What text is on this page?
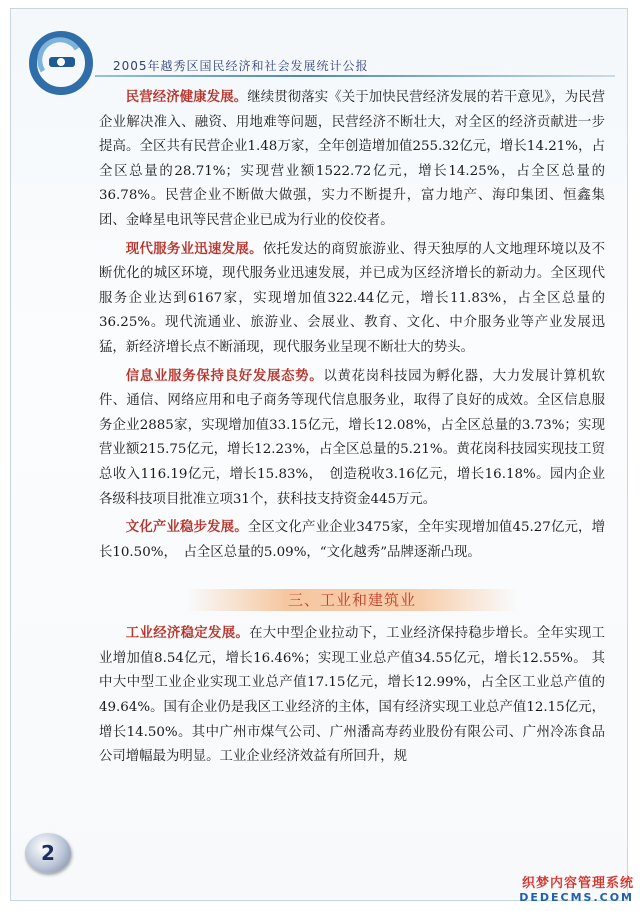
2005年越秀区国民经济和社会发展统计公报

民营经济健康发展。继续贯彻落实《关于加快民营经济发展的若干意见》，为民营企业解决准入、融资、用地难等问题，民营经济不断壮大，对全区的经济贡献进一步提高。全区共有民营企业1.48万家，全年创造增加值255.32亿元，增长14.21%，占全区总量的28.71%；实现营业额1522.72亿元，增长14.25%，占全区总量的36.78%。民营企业不断做大做强，实力不断提升，富力地产、海印集团、恒鑫集团、金峰星电讯等民营企业已成为行业的佼佼者。

现代服务业迅速发展。依托发达的商贸旅游业、得天独厚的人文地理环境以及不断优化的城区环境，现代服务业迅速发展，并已成为区经济增长的新动力。全区现代服务企业达到6167家，实现增加值322.44亿元，增长11.83%，占全区总量的36.25%。现代流通业、旅游业、会展业、教育、文化、中介服务业等产业发展迅猛，新经济增长点不断涌现，现代服务业呈现不断壮大的势头。

信息业服务保持良好发展态势。以黄花岗科技园为孵化器，大力发展计算机软件、通信、网络应用和电子商务等现代信息服务业，取得了良好的成效。全区信息服务企业2885家，实现增加值33.15亿元，增长12.08%，占全区总量的3.73%；实现营业额215.75亿元，增长12.23%，占全区总量的5.21%。黄花岗科技园实现技工贸总收入116.19亿元，增长15.83%，　创造税收3.16亿元，增长16.18%。园内企业各级科技项目批准立项31个，获科技支持资金445万元。

文化产业稳步发展。全区文化产业企业3475家，全年实现增加值45.27亿元，增长10.50%，　占全区总量的5.09%，“文化越秀”品牌逐渐凸现。

三、工业和建筑业

工业经济稳定发展。在大中型企业拉动下，工业经济保持稳步增长。全年实现工业增加值8.54亿元，增长16.46%；实现工业总产值34.55亿元，增长12.55%。 其中大中型工业企业实现工业总产值17.15亿元，增长12.99%，占全区工业总产值的49.64%。国有企业仍是我区工业经济的主体，国有经济实现工业总产值12.15亿元，增长14.50%。其中广州市煤气公司、广州潘高寿药业股份有限公司、广州冷冻食品公司增幅最为明显。工业企业经济效益有所回升，规

2
织梦内容管理系统
DEDECMS.COM
